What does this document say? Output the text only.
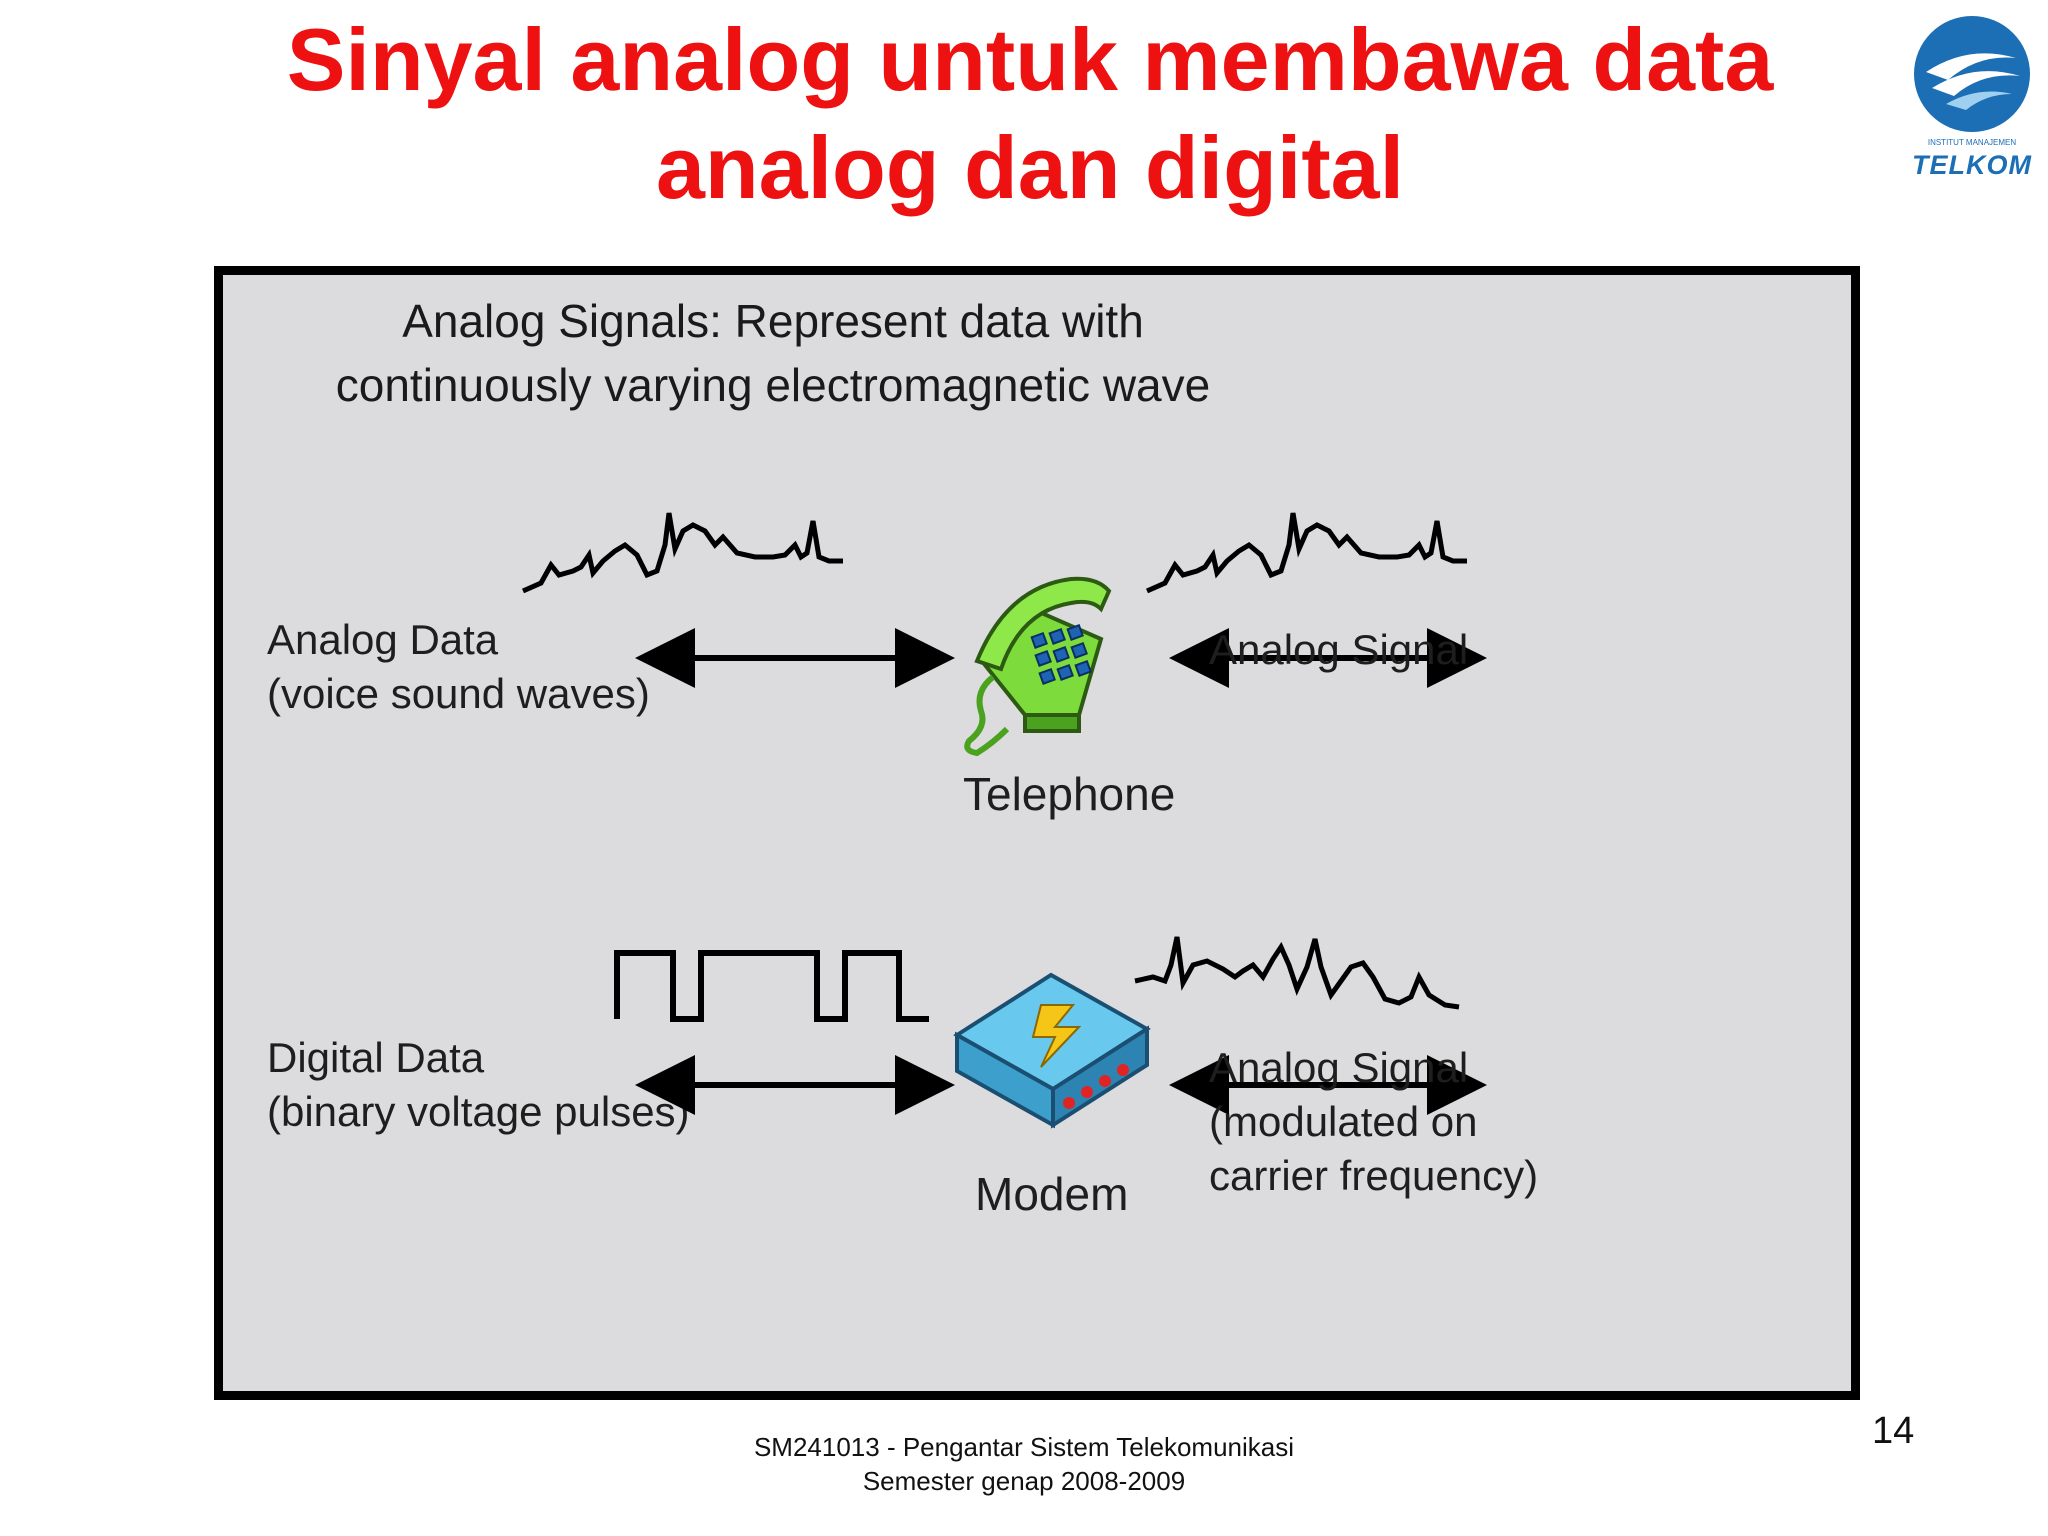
Sinyal analog untuk membawa data analog dan digital	INSTITUT MANAJEMEN
TELKOM
Analog Signals: Represent data with continuously varying electromagnetic wave
Analog Data
(voice sound waves)
Analog Signal
Telephone
Digital Data
(binary voltage pulses)
Analog Signal
(modulated on
carrier frequency)
Modem
SM241013 - Pengantar Sistem Telekomunikasi
Semester genap 2008-2009
14
